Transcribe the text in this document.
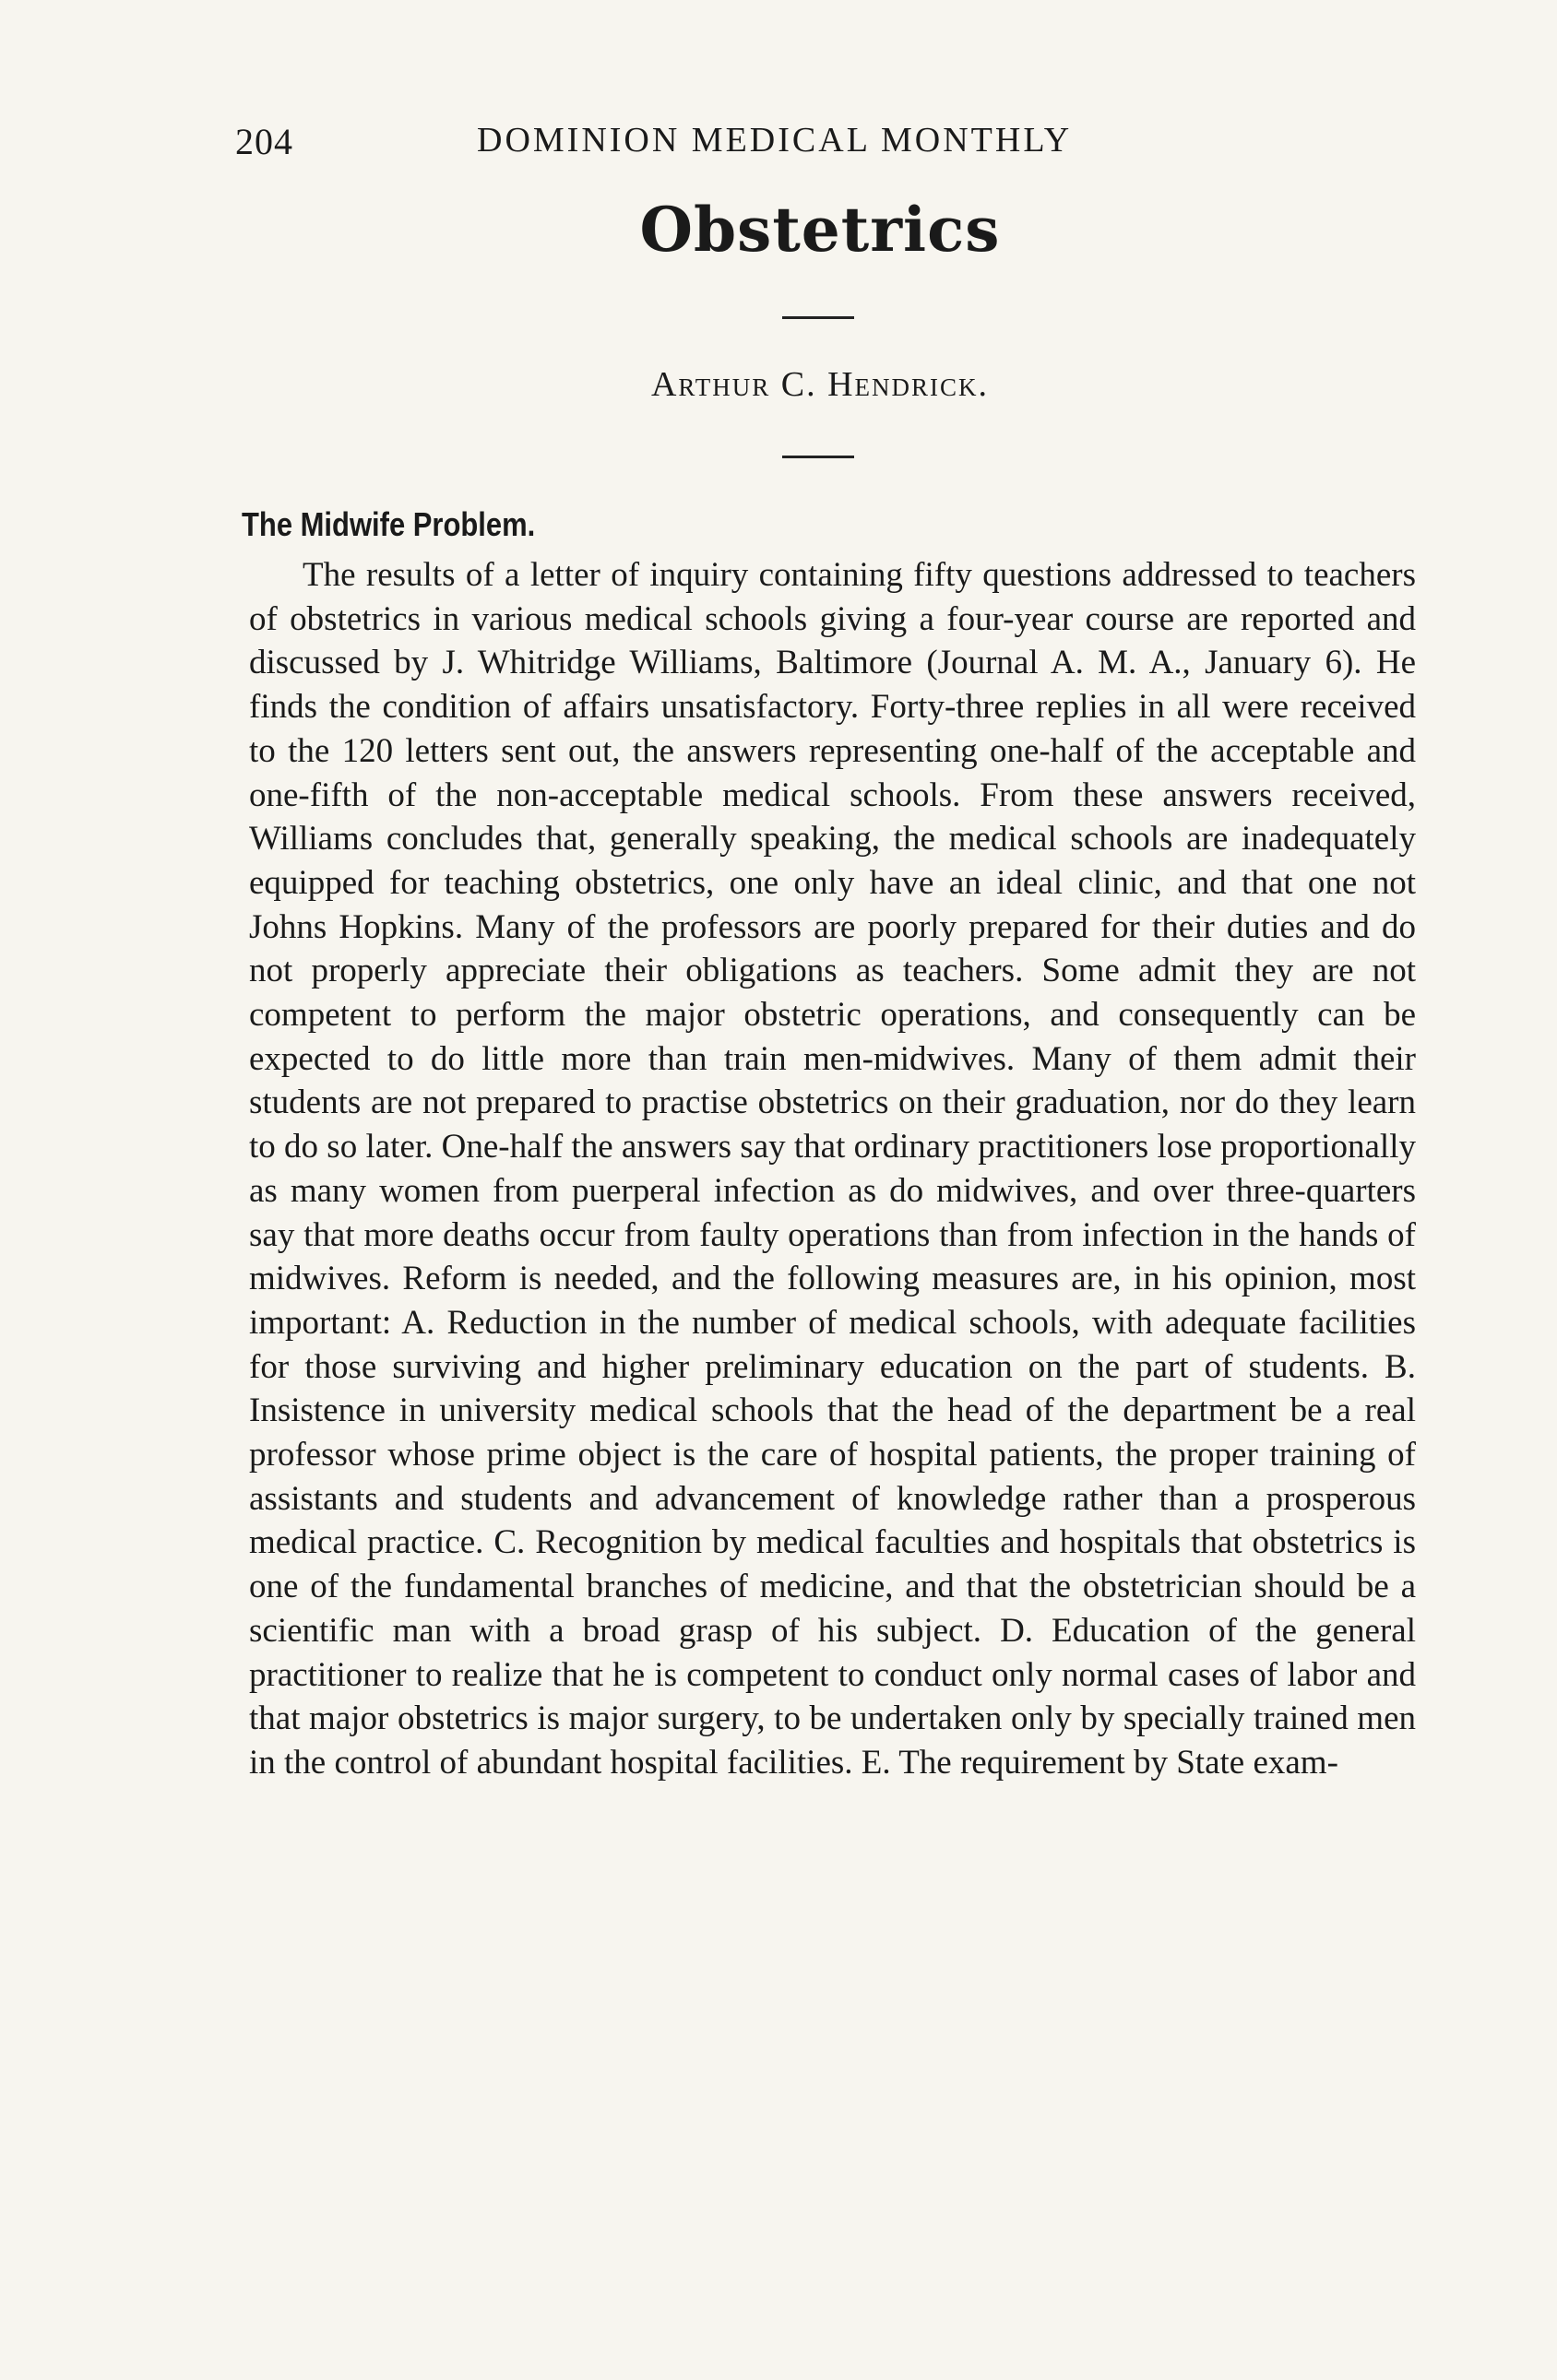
204	DOMINION MEDICAL MONTHLY
Obstetrics
Arthur C. Hendrick.
The Midwife Problem.

The results of a letter of inquiry containing fifty questions addressed to teachers of obstetrics in various medical schools giving a four-year course are reported and discussed by J. Whitridge Williams, Baltimore (Journal A. M. A., January 6). He finds the condition of affairs unsatisfactory. Forty-three replies in all were received to the 120 letters sent out, the answers representing one-half of the acceptable and one-fifth of the non-acceptable medical schools. From these answers received, Williams concludes that, generally speaking, the medical schools are inadequately equipped for teaching obstetrics, one only have an ideal clinic, and that one not Johns Hopkins. Many of the professors are poorly prepared for their duties and do not properly appreciate their obligations as teachers. Some admit they are not competent to perform the major obstetric operations, and consequently can be expected to do little more than train men-midwives. Many of them admit their students are not prepared to practise obstetrics on their graduation, nor do they learn to do so later. One-half the answers say that ordinary practitioners lose proportionally as many women from puerperal infection as do midwives, and over three-quarters say that more deaths occur from faulty operations than from infection in the hands of midwives. Reform is needed, and the following measures are, in his opinion, most important: A. Reduction in the number of medical schools, with adequate facilities for those surviving and higher preliminary education on the part of students. B. Insistence in university medical schools that the head of the department be a real professor whose prime object is the care of hospital patients, the proper training of assistants and students and advancement of knowledge rather than a prosperous medical practice. C. Recognition by medical faculties and hospitals that obstetrics is one of the fundamental branches of medicine, and that the obstetrician should be a scientific man with a broad grasp of his subject. D. Education of the general practitioner to realize that he is competent to conduct only normal cases of labor and that major obstetrics is major surgery, to be undertaken only by specially trained men in the control of abundant hospital facilities. E. The requirement by State exam-
